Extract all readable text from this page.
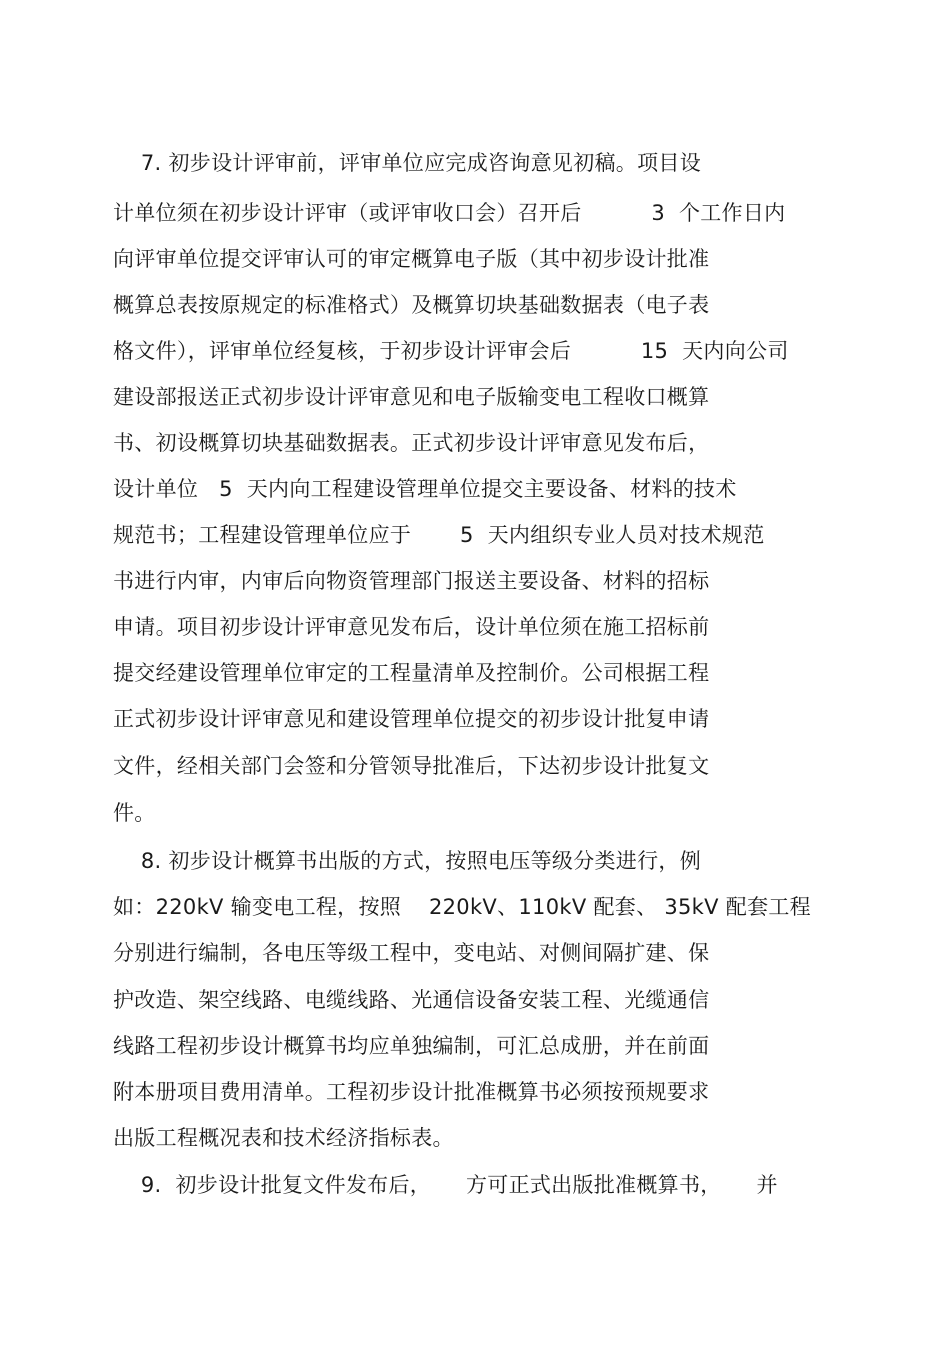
7. 初步设计评审前，评审单位应完成咨询意见初稿。项目设
计单位须在初步设计评审（或评审收口会）召开后          3  个工作日内
向评审单位提交评审认可的审定概算电子版（其中初步设计批准
概算总表按原规定的标准格式）及概算切块基础数据表（电子表
格文件），评审单位经复核，于初步设计评审会后          15  天内向公司
建设部报送正式初步设计评审意见和电子版输变电工程收口概算
书、初设概算切块基础数据表。正式初步设计评审意见发布后，
设计单位   5  天内向工程建设管理单位提交主要设备、材料的技术
规范书；工程建设管理单位应于       5  天内组织专业人员对技术规范
书进行内审，内审后向物资管理部门报送主要设备、材料的招标
申请。项目初步设计评审意见发布后，设计单位须在施工招标前
提交经建设管理单位审定的工程量清单及控制价。公司根据工程
正式初步设计评审意见和建设管理单位提交的初步设计批复申请
文件，经相关部门会签和分管领导批准后，下达初步设计批复文
件。
8. 初步设计概算书出版的方式，按照电压等级分类进行，例
如：220kV 输变电工程，按照    220kV、110kV 配套、 35kV 配套工程
分别进行编制，各电压等级工程中，变电站、对侧间隔扩建、保
护改造、架空线路、电缆线路、光通信设备安装工程、光缆通信
线路工程初步设计概算书均应单独编制，可汇总成册，并在前面
附本册项目费用清单。工程初步设计批准概算书必须按预规要求
出版工程概况表和技术经济指标表。
9.  初步设计批复文件发布后，     方可正式出版批准概算书，     并
